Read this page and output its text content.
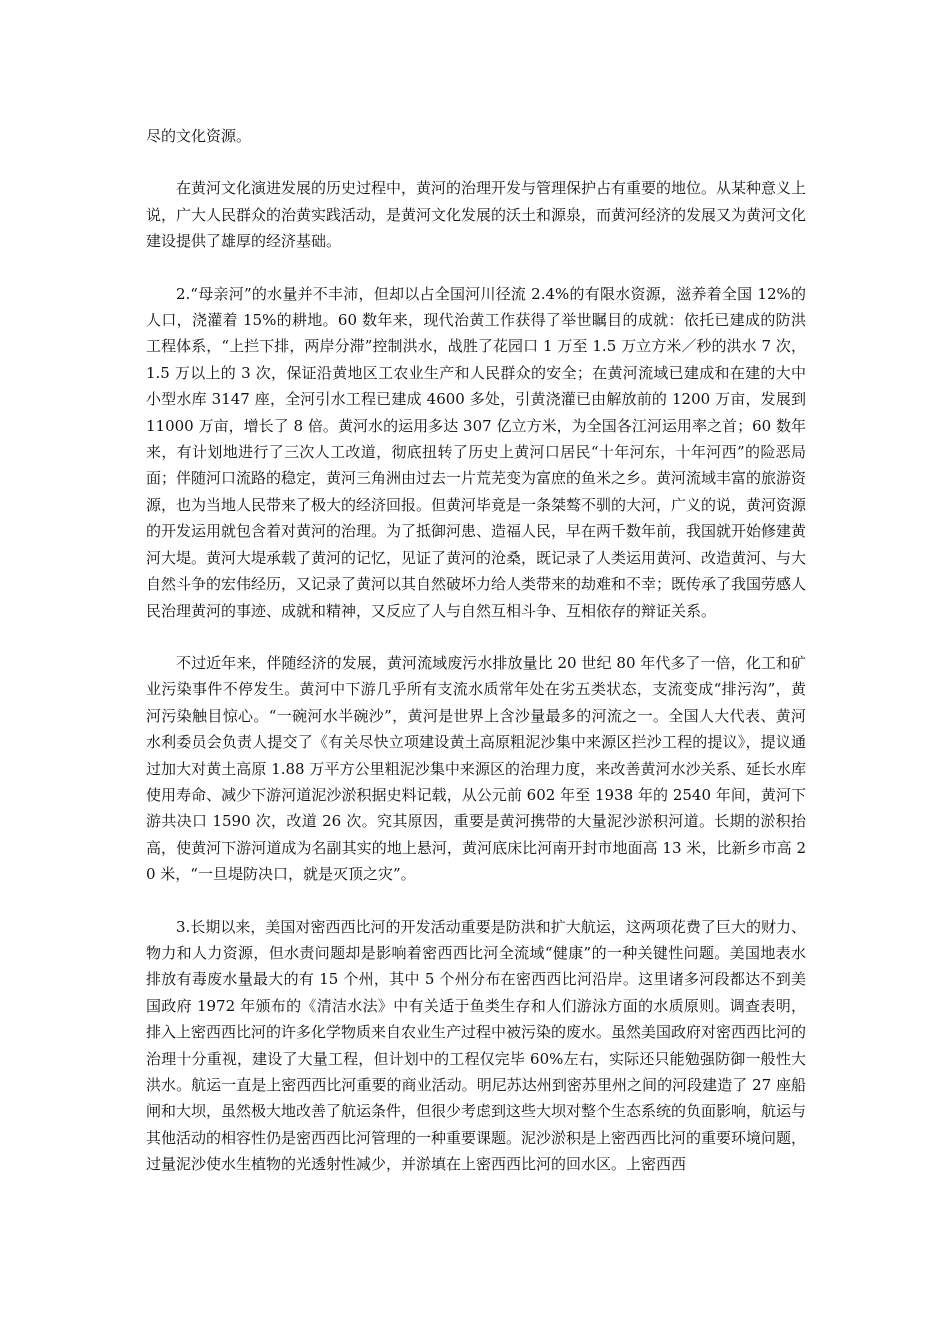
尽的文化资源。

在黄河文化演进发展的历史过程中，黄河的治理开发与管理保护占有重要的地位。从某种意义上说，广大人民群众的治黄实践活动，是黄河文化发展的沃土和源泉，而黄河经济的发展又为黄河文化建设提供了雄厚的经济基础。

2.“母亲河”的水量并不丰沛，但却以占全国河川径流 2.4%的有限水资源，滋养着全国 12%的人口，浇灌着 15%的耕地。60 数年来，现代治黄工作获得了举世瞩目的成就：依托已建成的防洪工程体系，“上拦下排，两岸分滞”控制洪水，战胜了花园口 1 万至 1.5 万立方米／秒的洪水 7 次，1.5 万以上的 3 次，保证沿黄地区工农业生产和人民群众的安全；在黄河流域已建成和在建的大中小型水库 3147 座，全河引水工程已建成 4600 多处，引黄浇灌已由解放前的 1200 万亩，发展到 11000 万亩，增长了 8 倍。黄河水的运用多达 307 亿立方米，为全国各江河运用率之首；60 数年来，有计划地进行了三次人工改道，彻底扭转了历史上黄河口居民“十年河东，十年河西”的险恶局面；伴随河口流路的稳定，黄河三角洲由过去一片荒芜变为富庶的鱼米之乡。黄河流域丰富的旅游资源，也为当地人民带来了极大的经济回报。但黄河毕竟是一条桀骜不驯的大河，广义的说，黄河资源的开发运用就包含着对黄河的治理。为了抵御河患、造福人民，早在两千数年前，我国就开始修建黄河大堤。黄河大堤承载了黄河的记忆，见证了黄河的沧桑，既记录了人类运用黄河、改造黄河、与大自然斗争的宏伟经历，又记录了黄河以其自然破坏力给人类带来的劫难和不幸；既传承了我国劳感人民治理黄河的事迹、成就和精神，又反应了人与自然互相斗争、互相依存的辩证关系。

不过近年来，伴随经济的发展，黄河流域废污水排放量比 20 世纪 80 年代多了一倍，化工和矿业污染事件不停发生。黄河中下游几乎所有支流水质常年处在劣五类状态，支流变成“排污沟”，黄河污染触目惊心。“一碗河水半碗沙”，黄河是世界上含沙量最多的河流之一。全国人大代表、黄河水利委员会负责人提交了《有关尽快立项建设黄土高原粗泥沙集中来源区拦沙工程的提议》，提议通过加大对黄土高原 1.88 万平方公里粗泥沙集中来源区的治理力度，来改善黄河水沙关系、延长水库使用寿命、减少下游河道泥沙淤积据史料记载，从公元前 602 年至 1938 年的 2540 年间，黄河下游共决口 1590 次，改道 26 次。究其原因，重要是黄河携带的大量泥沙淤积河道。长期的淤积抬高，使黄河下游河道成为名副其实的地上悬河，黄河底床比河南开封市地面高 13 米，比新乡市高 20 米，“一旦堤防决口，就是灭顶之灾”。

3.长期以来，美国对密西西比河的开发活动重要是防洪和扩大航运，这两项花费了巨大的财力、物力和人力资源，但水责问题却是影响着密西西比河全流域“健康”的一种关键性问题。美国地表水排放有毒废水量最大的有 15 个州，其中 5 个州分布在密西西比河沿岸。这里诸多河段都达不到美国政府 1972 年颁布的《清洁水法》中有关适于鱼类生存和人们游泳方面的水质原则。调查表明，排入上密西西比河的许多化学物质来自农业生产过程中被污染的废水。虽然美国政府对密西西比河的治理十分重视，建设了大量工程，但计划中的工程仅完毕 60%左右，实际还只能勉强防御一般性大洪水。航运一直是上密西西比河重要的商业活动。明尼苏达州到密苏里州之间的河段建造了 27 座船闸和大坝，虽然极大地改善了航运条件，但很少考虑到这些大坝对整个生态系统的负面影响，航运与其他活动的相容性仍是密西西比河管理的一种重要课题。泥沙淤积是上密西西比河的重要环境问题，过量泥沙使水生植物的光透射性减少，并淤填在上密西西比河的回水区。上密西西
